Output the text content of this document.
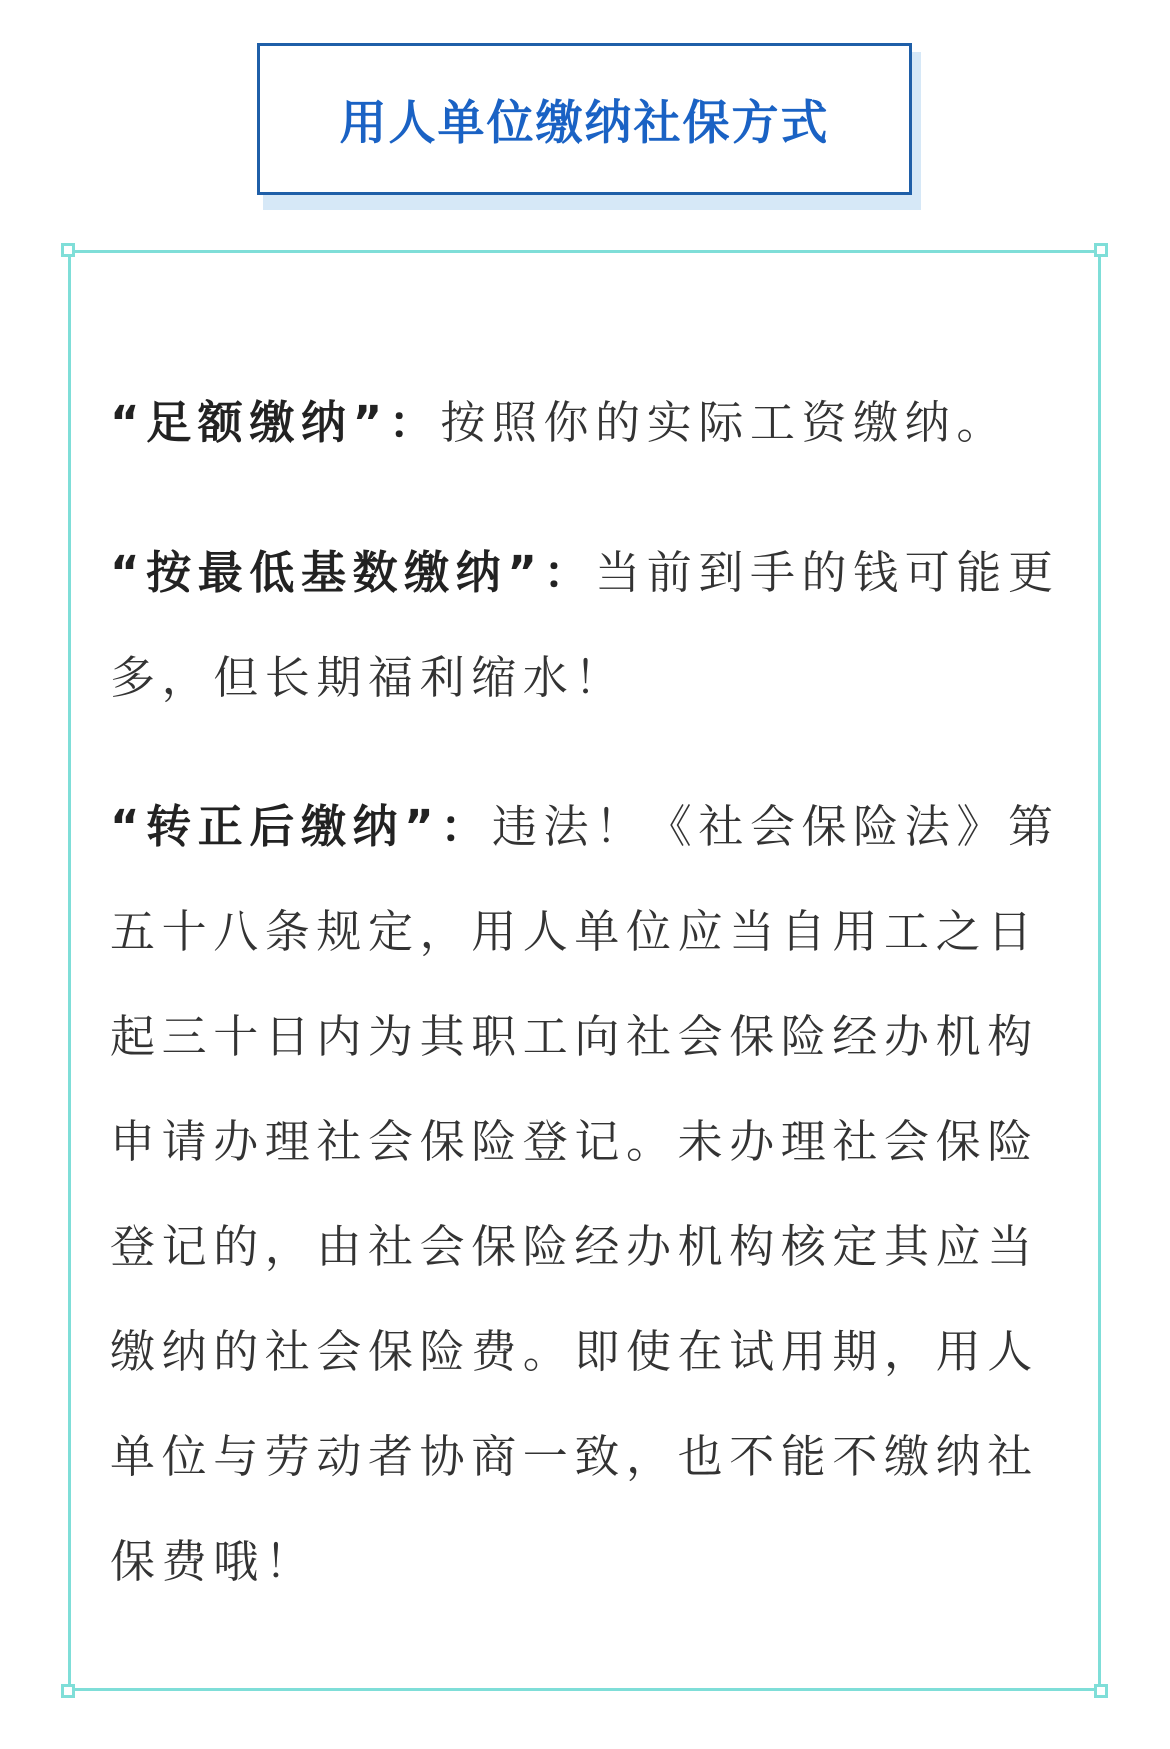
用人单位缴纳社保方式

“足额缴纳”：按照你的实际工资缴纳。

“按最低基数缴纳”：当前到手的钱可能更多，但长期福利缩水！

“转正后缴纳”：违法！《社会保险法》第五十八条规定，用人单位应当自用工之日起三十日内为其职工向社会保险经办机构申请办理社会保险登记。未办理社会保险登记的，由社会保险经办机构核定其应当缴纳的社会保险费。即使在试用期，用人单位与劳动者协商一致，也不能不缴纳社保费哦！
